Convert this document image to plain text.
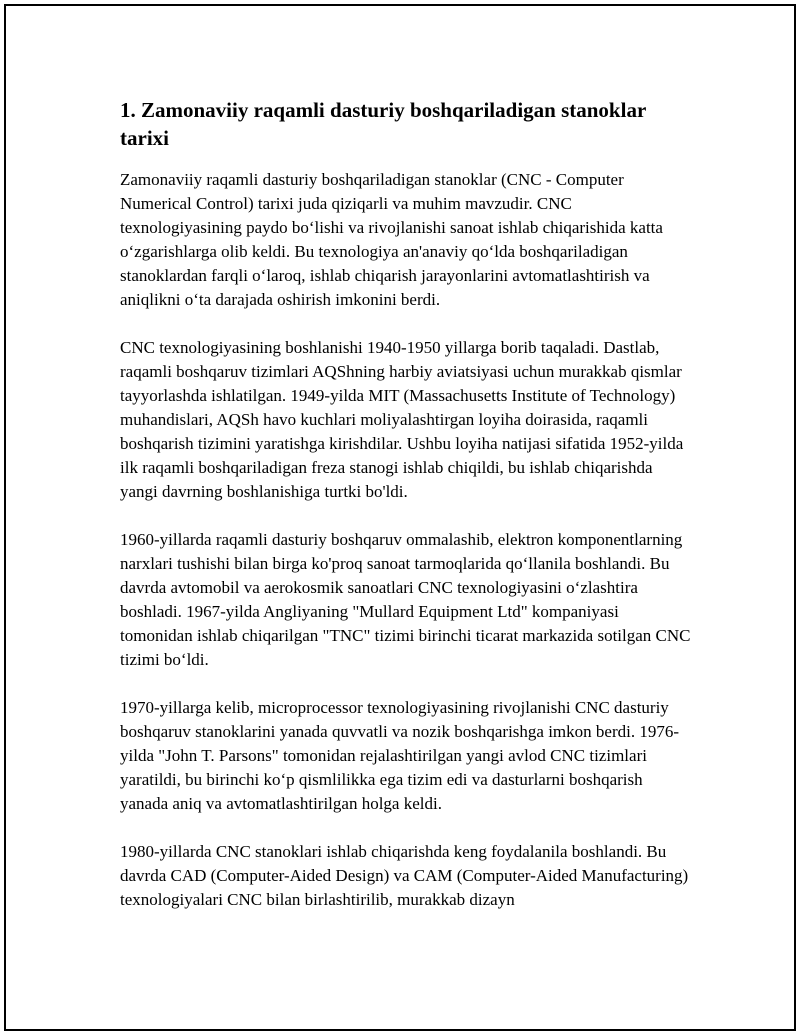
1. Zamonaviiy raqamli dasturiy boshqariladigan stanoklar tarixi

Zamonaviiy raqamli dasturiy boshqariladigan stanoklar (CNC - Computer Numerical Control) tarixi juda qiziqarli va muhim mavzudir. CNC texnologiyasining paydo bo‘lishi va rivojlanishi sanoat ishlab chiqarishida katta o‘zgarishlarga olib keldi. Bu texnologiya an'anaviy qo‘lda boshqariladigan stanoklardan farqli o‘laroq, ishlab chiqarish jarayonlarini avtomatlashtirish va aniqlikni o‘ta darajada oshirish imkonini berdi.

CNC texnologiyasining boshlanishi 1940-1950 yillarga borib taqaladi. Dastlab, raqamli boshqaruv tizimlari AQShning harbiy aviatsiyasi uchun murakkab qismlar tayyorlashda ishlatilgan. 1949-yilda MIT (Massachusetts Institute of Technology) muhandislari, AQSh havo kuchlari moliyalashtirgan loyiha doirasida, raqamli boshqarish tizimini yaratishga kirishdilar. Ushbu loyiha natijasi sifatida 1952-yilda ilk raqamli boshqariladigan freza stanogi ishlab chiqildi, bu ishlab chiqarishda yangi davrning boshlanishiga turtki bo'ldi.

1960-yillarda raqamli dasturiy boshqaruv ommalashib, elektron komponentlarning narxlari tushishi bilan birga ko'proq sanoat tarmoqlarida qo‘llanila boshlandi. Bu davrda avtomobil va aerokosmik sanoatlari CNC texnologiyasini o‘zlashtira boshladi. 1967-yilda Angliyaning "Mullard Equipment Ltd" kompaniyasi tomonidan ishlab chiqarilgan "TNC" tizimi birinchi ticarat markazida sotilgan CNC tizimi bo‘ldi.

1970-yillarga kelib, microprocessor texnologiyasining rivojlanishi CNC dasturiy boshqaruv stanoklarini yanada quvvatli va nozik boshqarishga imkon berdi. 1976-yilda "John T. Parsons" tomonidan rejalashtirilgan yangi avlod CNC tizimlari yaratildi, bu birinchi ko‘p qismlilikka ega tizim edi va dasturlarni boshqarish yanada aniq va avtomatlashtirilgan holga keldi.

1980-yillarda CNC stanoklari ishlab chiqarishda keng foydalanila boshlandi. Bu davrda CAD (Computer-Aided Design) va CAM (Computer-Aided Manufacturing) texnologiyalari CNC bilan birlashtirilib, murakkab dizayn
